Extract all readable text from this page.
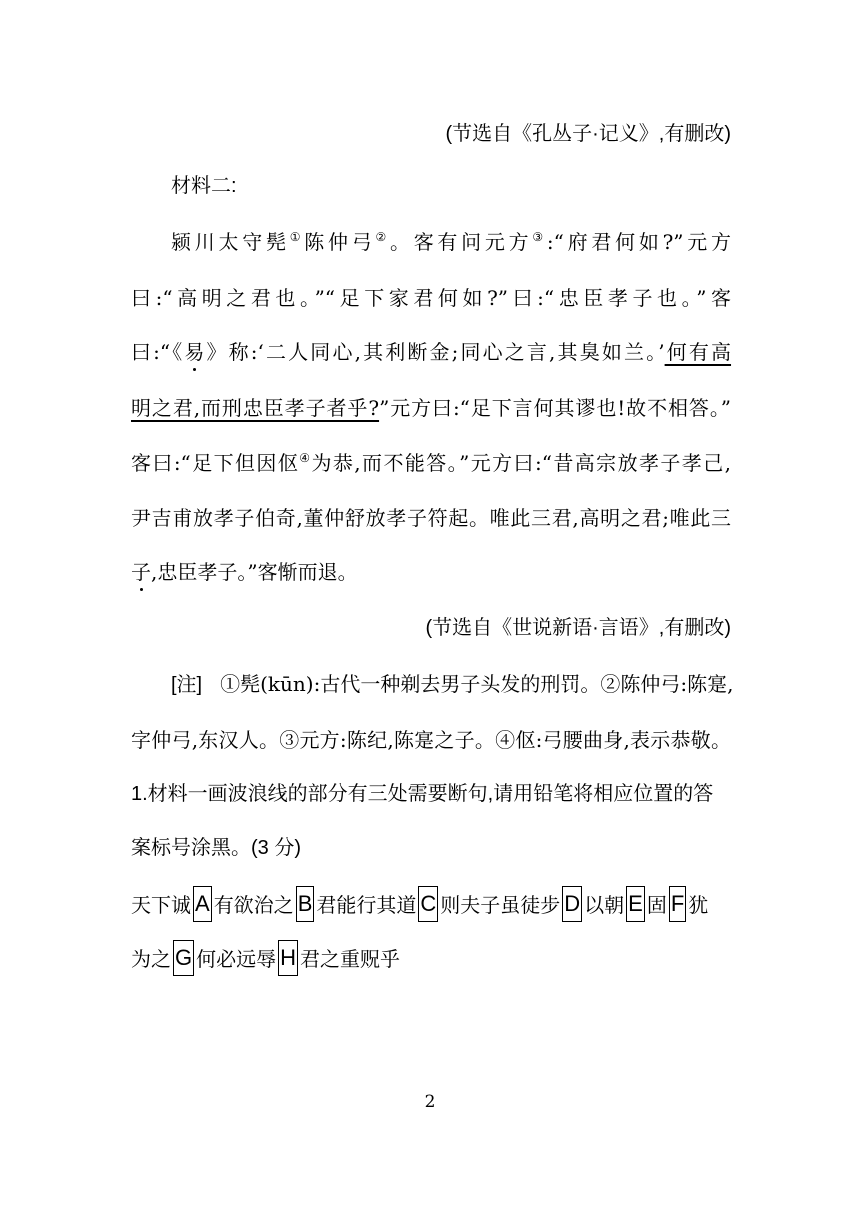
(节选自《孔丛子·记义》,有删改)
材料二:
颍川太守髡①陈仲弓②。客有问元方③:“府君何如?”元方
曰:“高明之君也。”“足下家君何如?”曰:“忠臣孝子也。”客
曰:“《易》称:‘二人同心,其利断金;同心之言,其臭如兰。’何有高
明之君,而刑忠臣孝子者乎?”元方曰:“足下言何其谬也!故不相答。”
客曰:“足下但因伛④为恭,而不能答。”元方曰:“昔高宗放孝子孝己,
尹吉甫放孝子伯奇,董仲舒放孝子符起。唯此三君,高明之君;唯此三
子,忠臣孝子。”客惭而退。
(节选自《世说新语·言语》,有删改)
[注] ①髡(kūn):古代一种剃去男子头发的刑罚。②陈仲弓:陈寔,
字仲弓,东汉人。③元方:陈纪,陈寔之子。④伛:弓腰曲身,表示恭敬。
1.材料一画波浪线的部分有三处需要断句,请用铅笔将相应位置的答
案标号涂黑。(3 分)
天下诚 A 有欲治之 B 君能行其道 C 则夫子虽徒步 D 以朝 E 固 F 犹
为之 G 何必远辱 H 君之重贶乎
2
